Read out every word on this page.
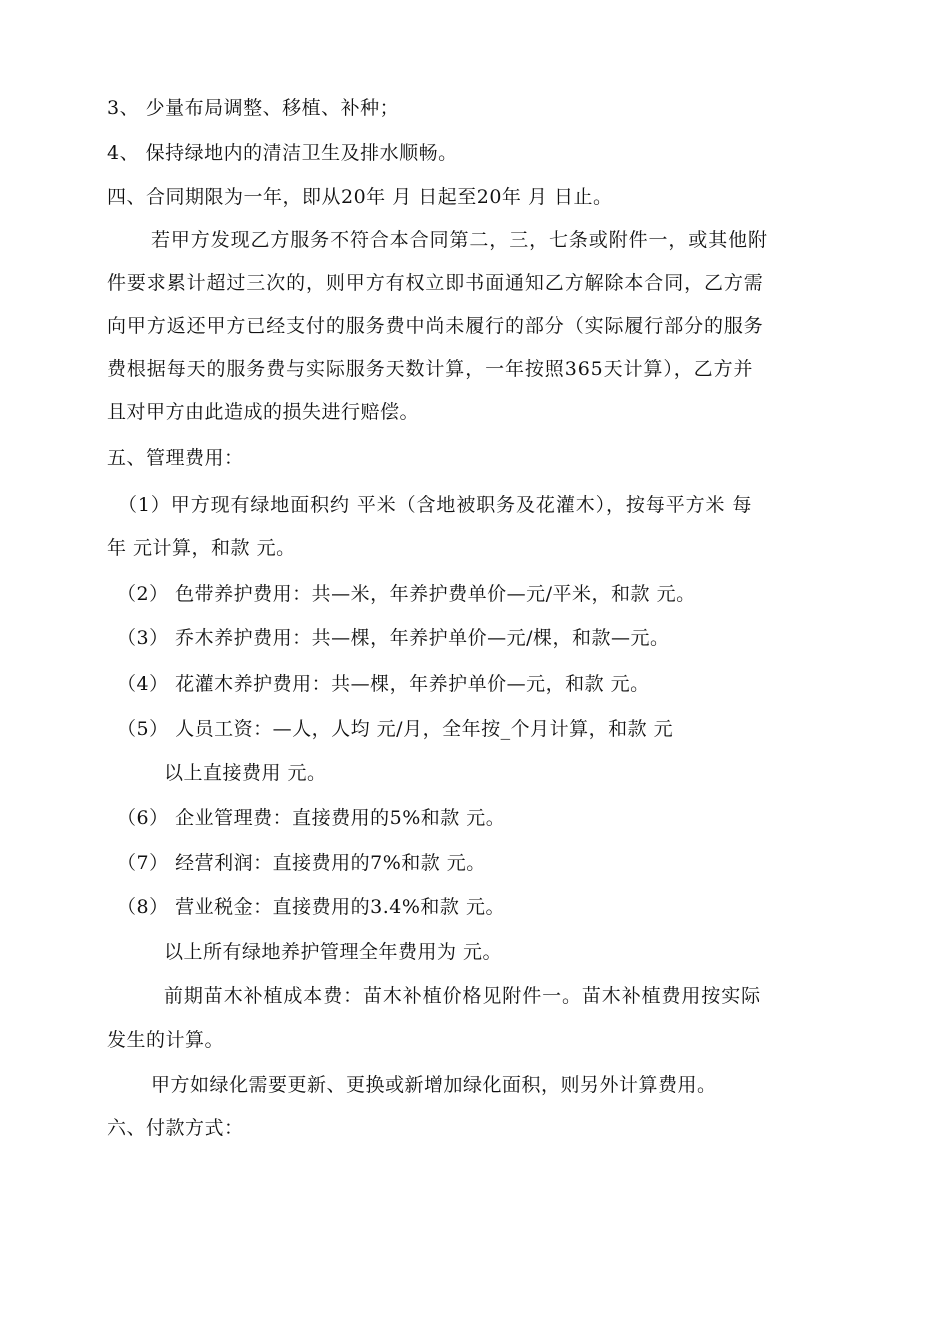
3、 少量布局调整、移植、补种；
4、 保持绿地内的清洁卫生及排水顺畅。
四、合同期限为一年，即从20年 月 日起至20年 月 日止。
若甲方发现乙方服务不符合本合同第二，三，七条或附件一，或其他附
件要求累计超过三次的，则甲方有权立即书面通知乙方解除本合同，乙方需
向甲方返还甲方已经支付的服务费中尚未履行的部分（实际履行部分的服务
费根据每天的服务费与实际服务天数计算，一年按照365天计算），乙方并
且对甲方由此造成的损失进行赔偿。
五、管理费用：
（1）甲方现有绿地面积约 平米（含地被职务及花灌木），按每平方米 每
年 元计算，和款 元。
（2） 色带养护费用：共—米，年养护费单价—元/平米，和款 元。
（3） 乔木养护费用：共—棵，年养护单价—元/棵，和款—元。
（4） 花灌木养护费用：共—棵，年养护单价—元，和款 元。
（5） 人员工资：—人，人均 元/月，全年按_个月计算，和款 元
以上直接费用 元。
（6） 企业管理费：直接费用的5%和款 元。
（7） 经营利润：直接费用的7%和款 元。
（8） 营业税金：直接费用的3.4%和款 元。
以上所有绿地养护管理全年费用为 元。
前期苗木补植成本费：苗木补植价格见附件一。苗木补植费用按实际
发生的计算。
甲方如绿化需要更新、更换或新增加绿化面积，则另外计算费用。
六、付款方式：
